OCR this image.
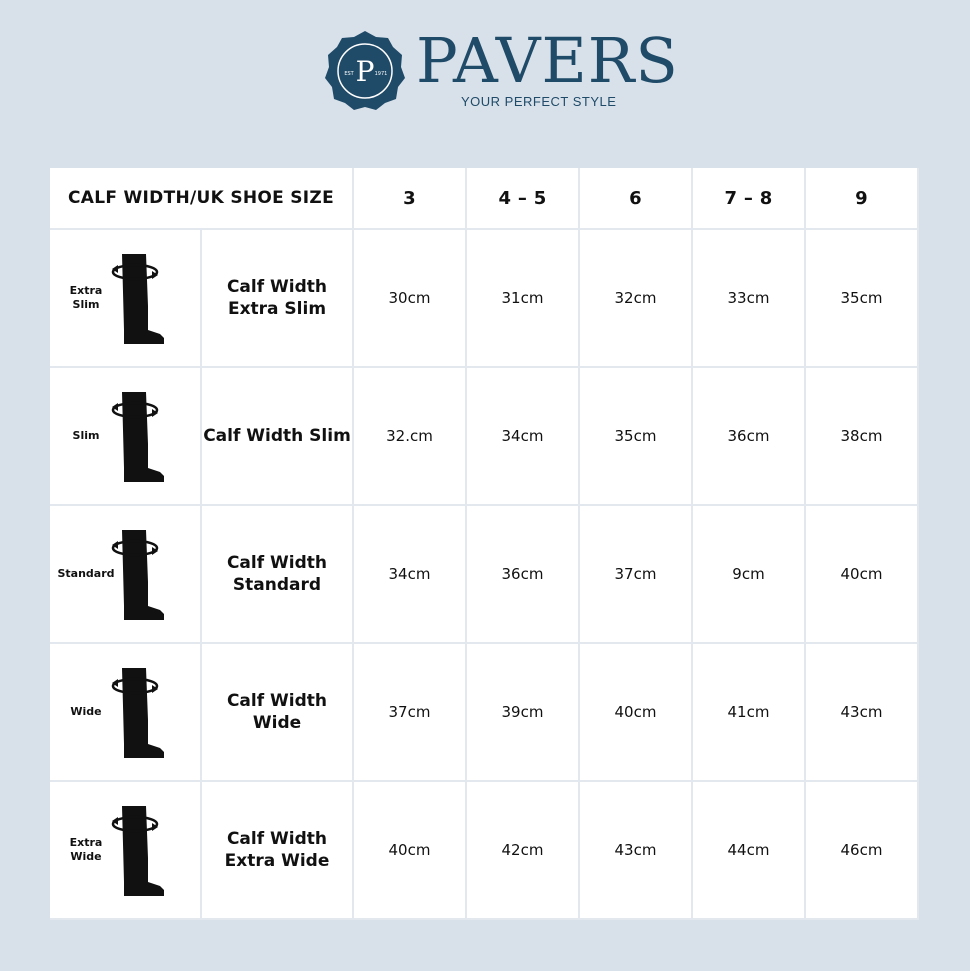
P
EST	1971 PAVERS
YOUR PERFECT STYLE
CALF WIDTH/UK SHOE SIZE		3	4 – 5	6	7 – 8	9

Extra Slim	Calf Width Extra Slim	30cm	31cm	32cm	33cm	35cm

Slim	Calf Width Slim	32.cm	34cm	35cm	36cm	38cm

Standard	Calf Width Standard	34cm	36cm	37cm	9cm	40cm

Wide	Calf Width Wide	37cm	39cm	40cm	41cm	43cm

Extra Wide	Calf Width Extra Wide	40cm	42cm	43cm	44cm	46cm
